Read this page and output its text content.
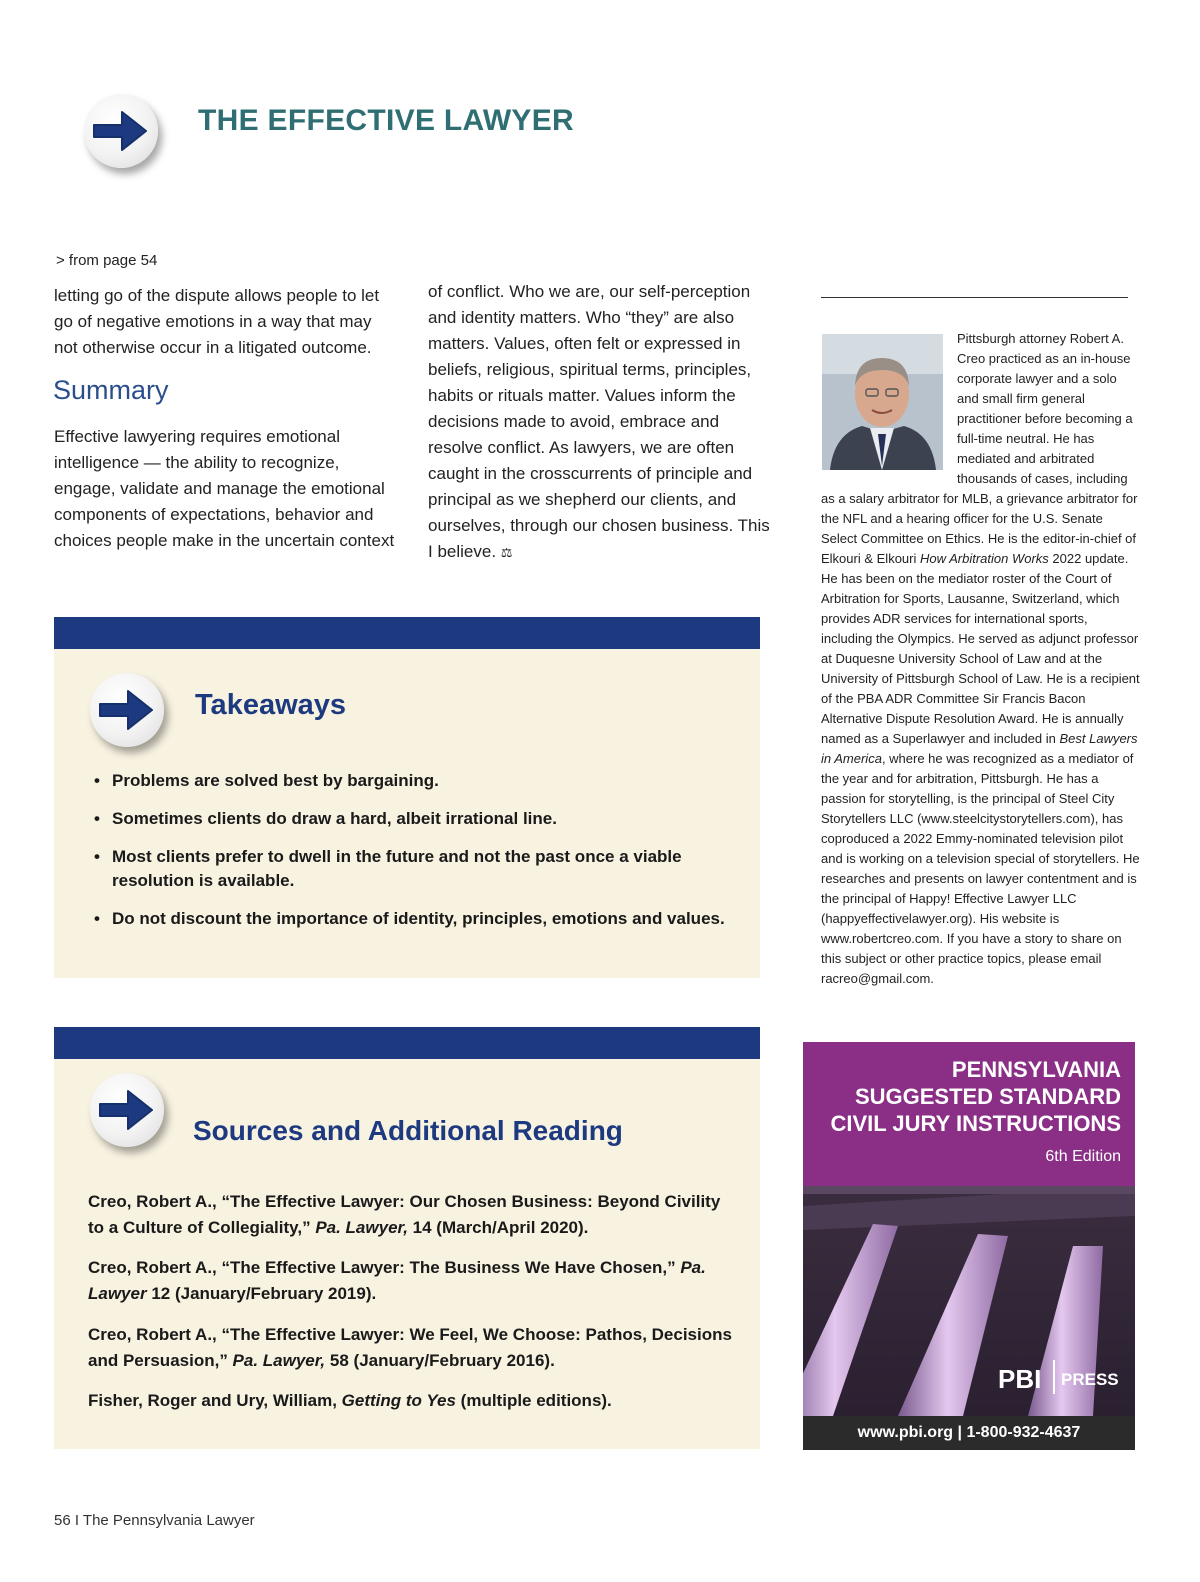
THE EFFECTIVE LAWYER
> from page 54
letting go of the dispute allows people to let go of negative emotions in a way that may not otherwise occur in a litigated outcome.
Summary
Effective lawyering requires emotional intelligence — the ability to recognize, engage, validate and manage the emotional components of expectations, behavior and choices people make in the uncertain context
of conflict. Who we are, our self-perception and identity matters. Who “they” are also matters. Values, often felt or expressed in beliefs, religious, spiritual terms, principles, habits or rituals matter. Values inform the decisions made to avoid, embrace and resolve conflict. As lawyers, we are often caught in the crosscurrents of principle and principal as we shepherd our clients, and ourselves, through our chosen business. This I believe. ⚖
Pittsburgh attorney Robert A. Creo practiced as an in-house corporate lawyer and a solo and small firm general practitioner before becoming a full-time neutral. He has mediated and arbitrated thousands of cases, including
as a salary arbitrator for MLB, a grievance arbitrator for the NFL and a hearing officer for the U.S. Senate Select Committee on Ethics. He is the editor-in-chief of Elkouri & Elkouri How Arbitration Works 2022 update. He has been on the mediator roster of the Court of Arbitration for Sports, Lausanne, Switzerland, which provides ADR services for international sports, including the Olympics. He served as adjunct professor at Duquesne University School of Law and at the University of Pittsburgh School of Law. He is a recipient of the PBA ADR Committee Sir Francis Bacon Alternative Dispute Resolution Award. He is annually named as a Superlawyer and included in Best Lawyers in America, where he was recognized as a mediator of the year and for arbitration, Pittsburgh. He has a passion for storytelling, is the principal of Steel City Storytellers LLC (www.steelcitystorytellers.com), has coproduced a 2022 Emmy-nominated television pilot and is working on a television special of storytellers. He researches and presents on lawyer contentment and is the principal of Happy! Effective Lawyer LLC (happyeffectivelawyer.org). His website is www.robertcreo.com. If you have a story to share on this subject or other practice topics, please email racreo@gmail.com.
Takeaways
• Problems are solved best by bargaining.
• Sometimes clients do draw a hard, albeit irrational line.
• Most clients prefer to dwell in the future and not the past once a viable resolution is available.
• Do not discount the importance of identity, principles, emotions and values.
Sources and Additional Reading
Creo, Robert A., “The Effective Lawyer: Our Chosen Business: Beyond Civility to a Culture of Collegiality,” Pa. Lawyer, 14 (March/April 2020).
Creo, Robert A., “The Effective Lawyer: The Business We Have Chosen,” Pa. Lawyer 12 (January/February 2019).
Creo, Robert A., “The Effective Lawyer: We Feel, We Choose: Pathos, Decisions and Persuasion,” Pa. Lawyer, 58 (January/February 2016).
Fisher, Roger and Ury, William, Getting to Yes (multiple editions).
PENNSYLVANIA
SUGGESTED STANDARD
CIVIL JURY INSTRUCTIONS
6th Edition
PBI PRESS
www.pbi.org | 1-800-932-4637
56 I The Pennsylvania Lawyer
